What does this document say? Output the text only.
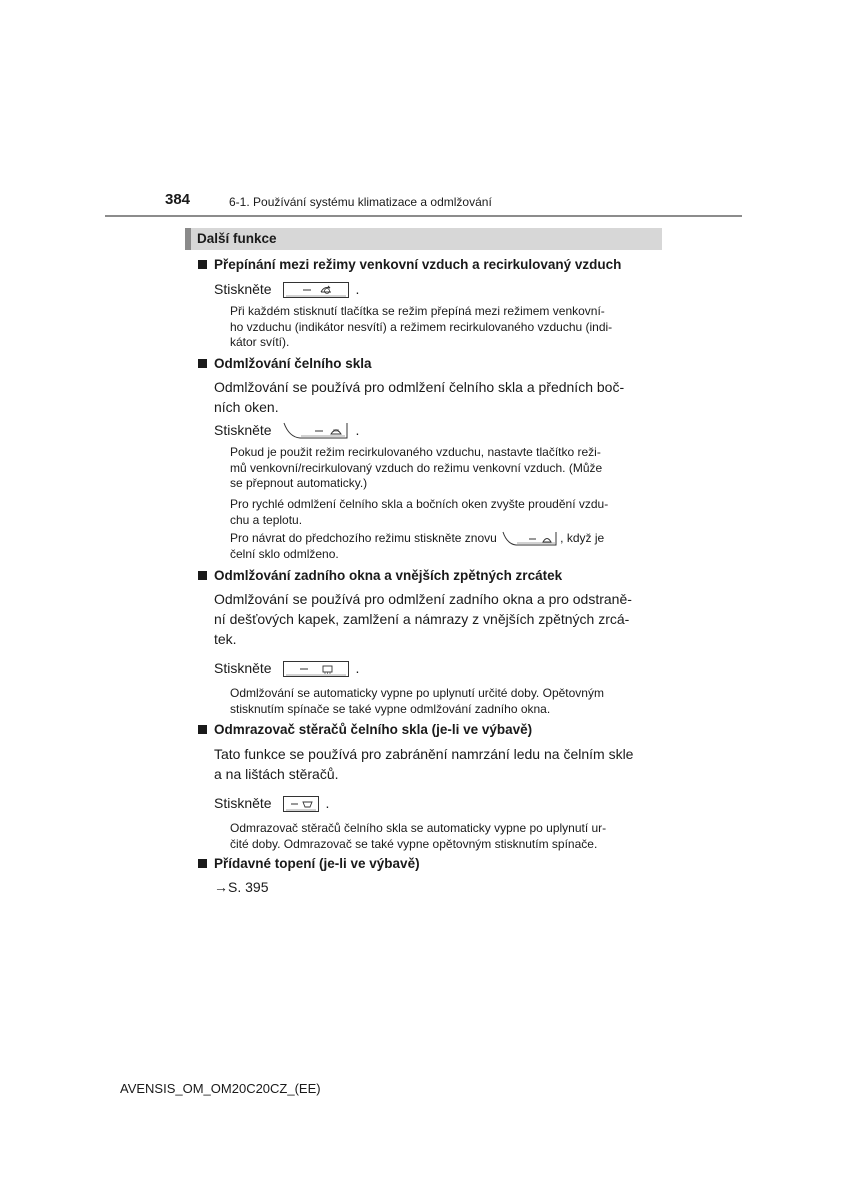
384	6-1. Používání systému klimatizace a odmlžování
Další funkce
Přepínání mezi režimy venkovní vzduch a recirkulovaný vzduch
Stiskněte	.
Při každém stisknutí tlačítka se režim přepíná mezi režimem venkovní-
ho vzduchu (indikátor nesvítí) a režimem recirkulovaného vzduchu (indi-
kátor svítí).
Odmlžování čelního skla
Odmlžování se používá pro odmlžení čelního skla a předních boč-
ních oken.
Stiskněte	.
Pokud je použit režim recirkulovaného vzduchu, nastavte tlačítko reži-
mů venkovní/recirkulovaný vzduch do režimu venkovní vzduch. (Může
se přepnout automaticky.)
Pro rychlé odmlžení čelního skla a bočních oken zvyšte proudění vzdu-
chu a teplotu.
Pro návrat do předchozího režimu stiskněte znovu	, když je
čelní sklo odmlženo.
Odmlžování zadního okna a vnějších zpětných zrcátek
Odmlžování se používá pro odmlžení zadního okna a pro odstraně-
ní dešťových kapek, zamlžení a námrazy z vnějších zpětných zrcá-
tek.
Stiskněte	.
Odmlžování se automaticky vypne po uplynutí určité doby. Opětovným
stisknutím spínače se také vypne odmlžování zadního okna.
Odmrazovač stěračů čelního skla (je-li ve výbavě)
Tato funkce se používá pro zabránění namrzání ledu na čelním skle
a na lištách stěračů.
Stiskněte	.
Odmrazovač stěračů čelního skla se automaticky vypne po uplynutí ur-
čité doby. Odmrazovač se také vypne opětovným stisknutím spínače.
Přídavné topení (je-li ve výbavě)
→S. 395
AVENSIS_OM_OM20C20CZ_(EE)
